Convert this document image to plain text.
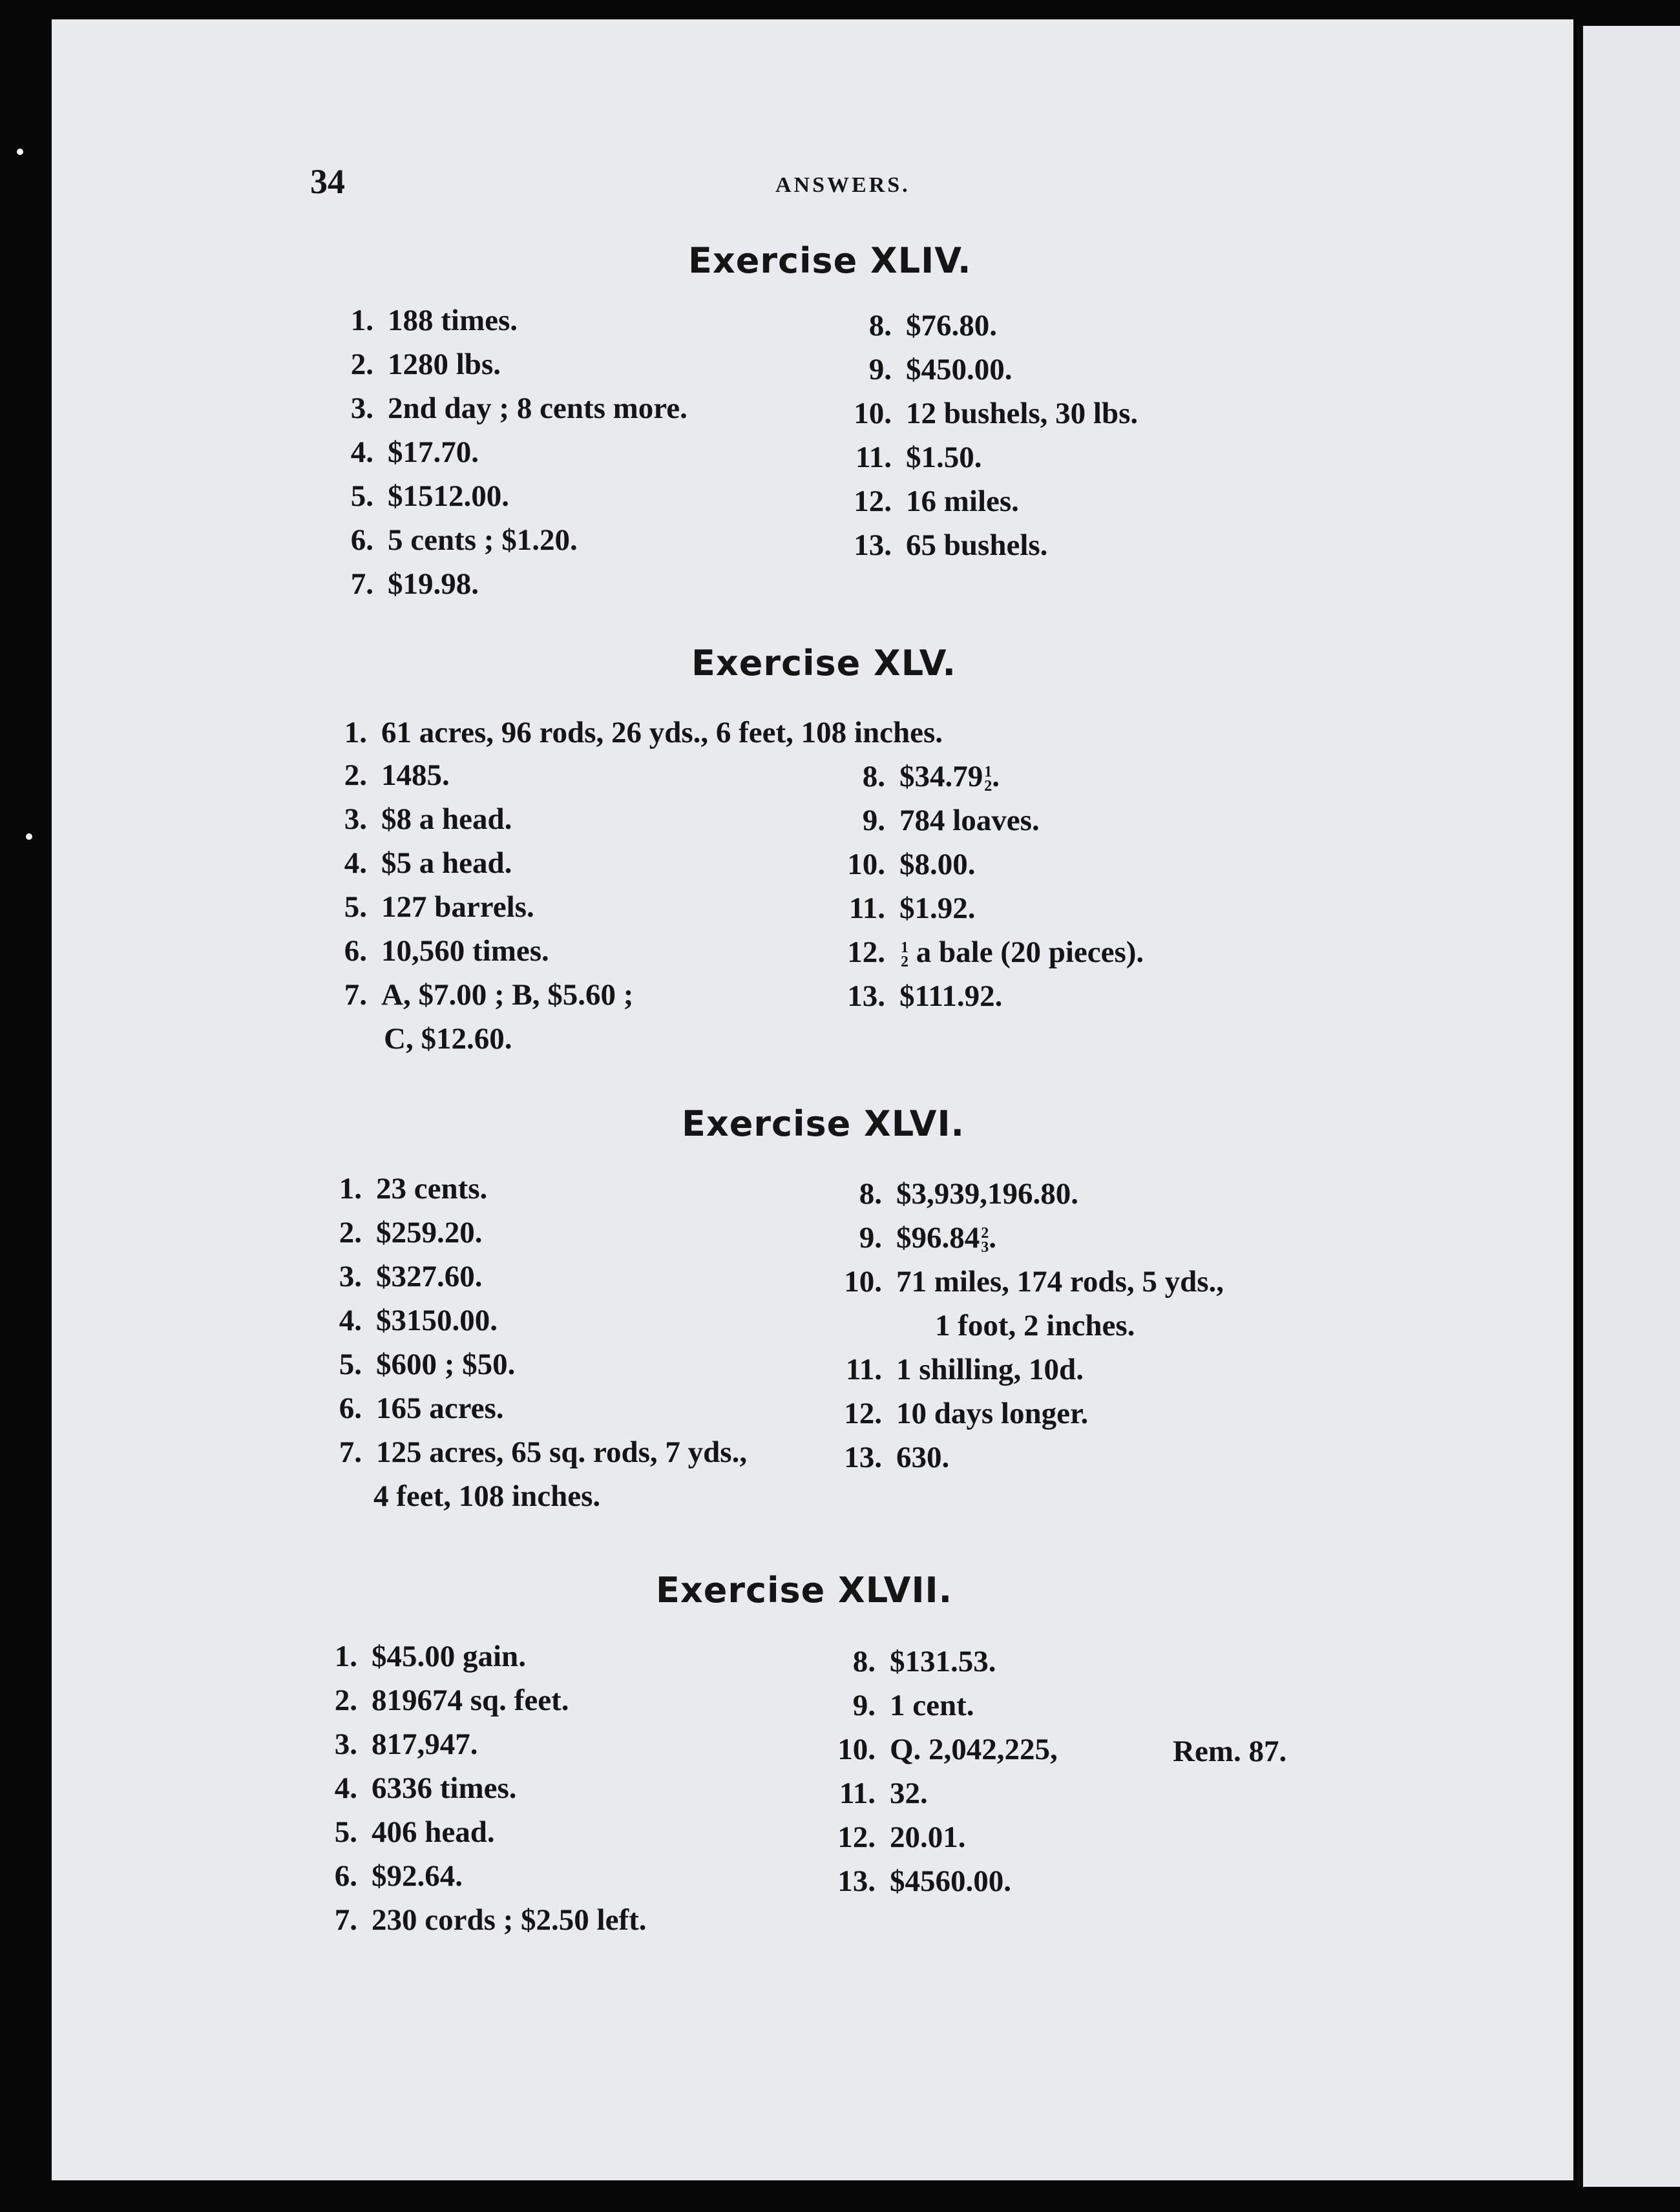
34	ANSWERS.
Exercise XLIV.
1. 188 times.
2. 1280 lbs.
3. 2nd day ; 8 cents more.
4. $17.70.
5. $1512.00.
6. 5 cents ; $1.20.
7. $19.98.
8. $76.80.
9. $450.00.
10. 12 bushels, 30 lbs.
11. $1.50.
12. 16 miles.
13. 65 bushels.
Exercise XLV.
1. 61 acres, 96 rods, 26 yds., 6 feet, 108 inches.
2. 1485.
3. $8 a head.
4. $5 a head.
5. 127 barrels.
6. 10,560 times.
7. A, $7.00 ; B, $5.60 ;
C, $12.60.
8. $34.79 1
2 .
9. 784 loaves.
10. $8.00.
11. $1.92.
12. 1
2 a bale (20 pieces).
13. $111.92.
Exercise XLVI.
1. 23 cents.
2. $259.20.
3. $327.60.
4. $3150.00.
5. $600 ; $50.
6. 165 acres.
7. 125 acres, 65 sq. rods, 7 yds.,
4 feet, 108 inches.
8. $3,939,196.80.
9. $96.84 2
3 .
10. 71 miles, 174 rods, 5 yds.,
1 foot, 2 inches.
11. 1 shilling, 10d.
12. 10 days longer.
13. 630.
Exercise XLVII.
1. $45.00 gain.
2. 819674 sq. feet.
3. 817,947.
4. 6336 times.
5. 406 head.
6. $92.64.
7. 230 cords ; $2.50 left.
8. $131.53.
9. 1 cent.
10. Q. 2,042,225,
11. 32.
12. 20.01.
13. $4560.00.
Rem. 87.
